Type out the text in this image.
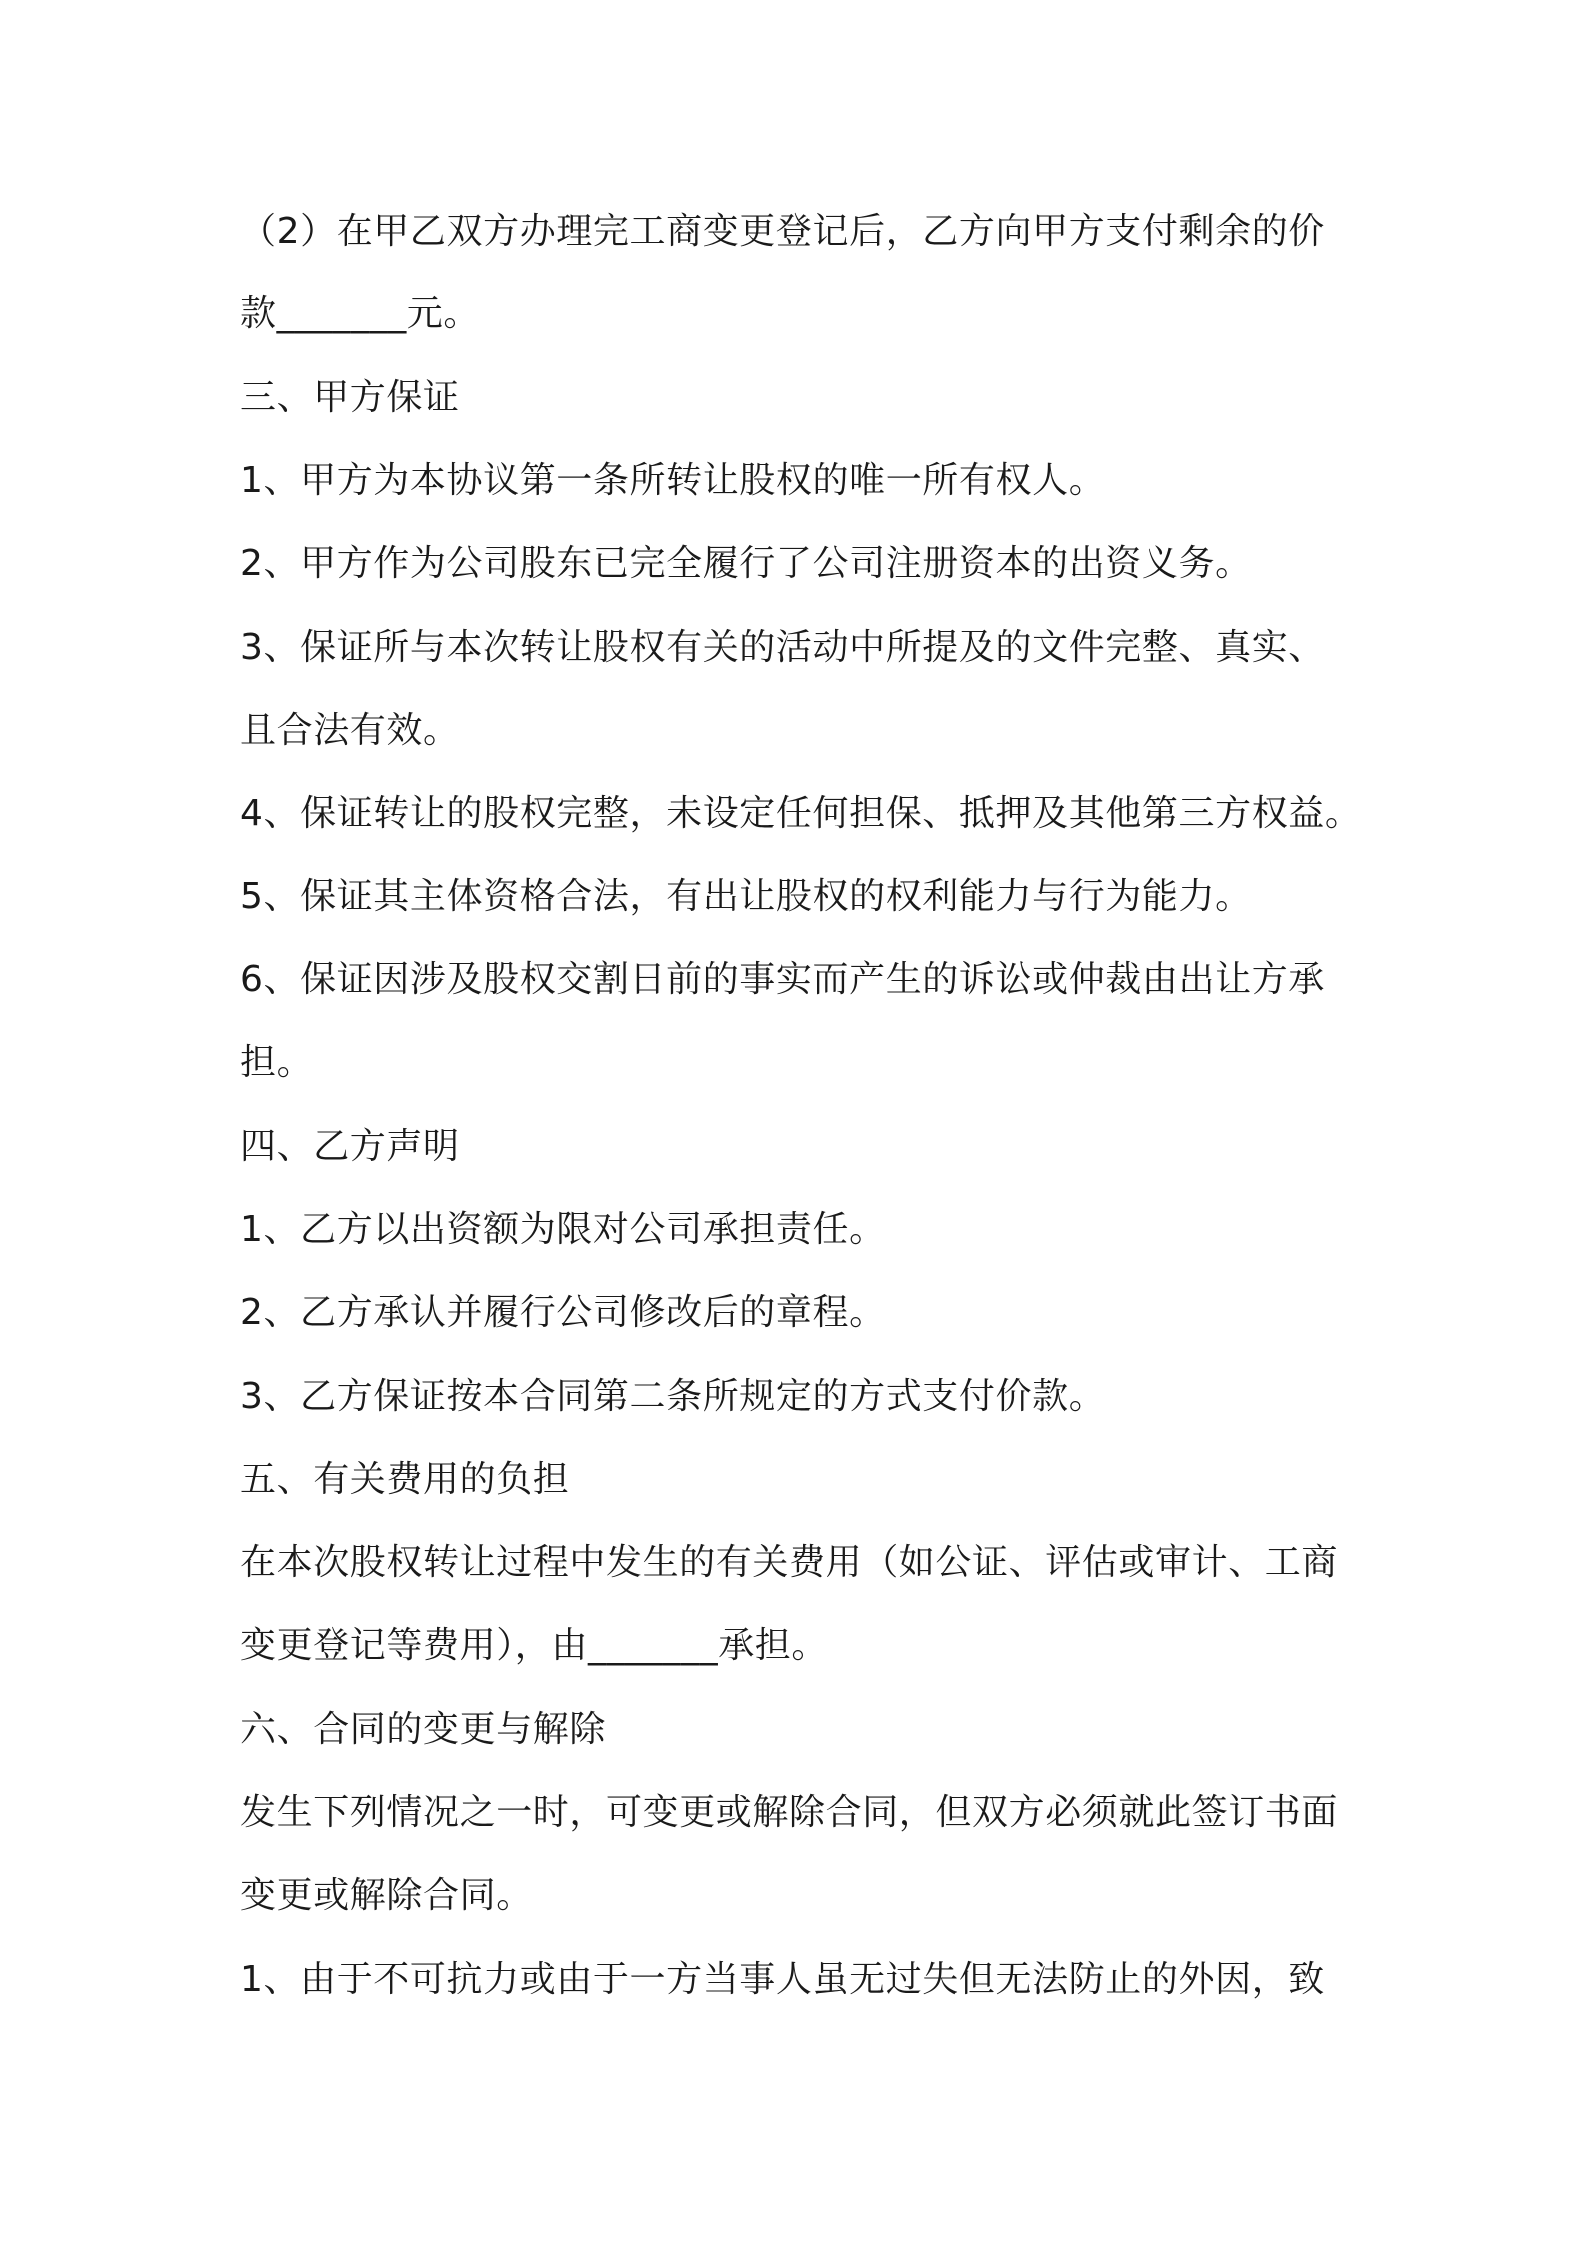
（2）在甲乙双方办理完工商变更登记后，乙方向甲方支付剩余的价
款_______元。
三、甲方保证
1、甲方为本协议第一条所转让股权的唯一所有权人。
2、甲方作为公司股东已完全履行了公司注册资本的出资义务。
3、保证所与本次转让股权有关的活动中所提及的文件完整、真实、
且合法有效。
4、保证转让的股权完整，未设定任何担保、抵押及其他第三方权益。
5、保证其主体资格合法，有出让股权的权利能力与行为能力。
6、保证因涉及股权交割日前的事实而产生的诉讼或仲裁由出让方承
担。
四、乙方声明
1、乙方以出资额为限对公司承担责任。
2、乙方承认并履行公司修改后的章程。
3、乙方保证按本合同第二条所规定的方式支付价款。
五、有关费用的负担
在本次股权转让过程中发生的有关费用（如公证、评估或审计、工商
变更登记等费用），由_______承担。
六、合同的变更与解除
发生下列情况之一时，可变更或解除合同，但双方必须就此签订书面
变更或解除合同。
1、由于不可抗力或由于一方当事人虽无过失但无法防止的外因，致
